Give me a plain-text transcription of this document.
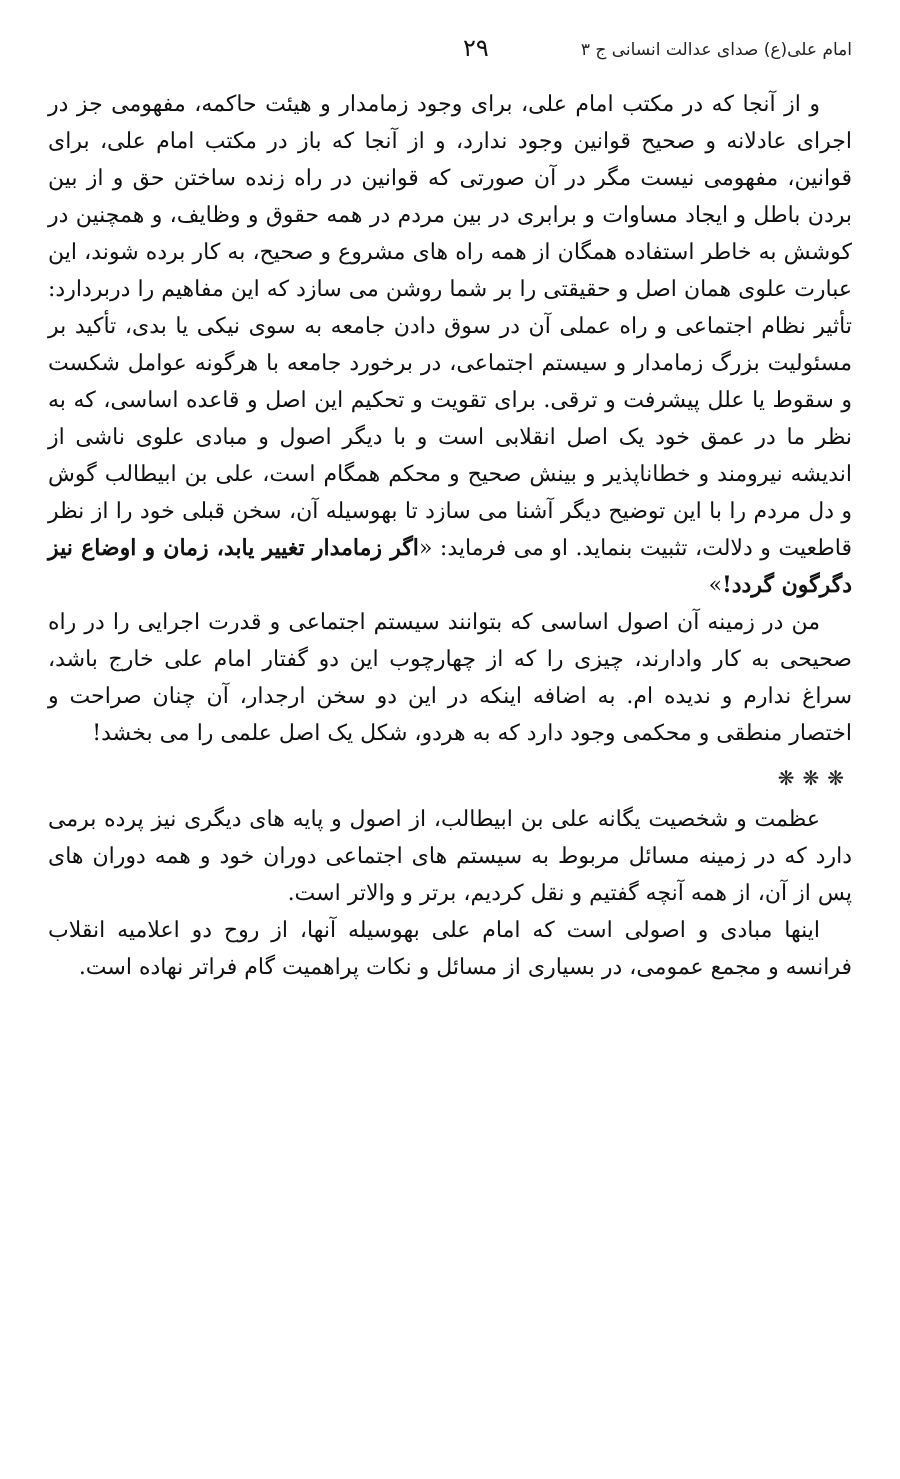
امام علی(ع) صدای عدالت انسانی ج ۳
۲۹

و از آنجا که در مکتب امام علی، برای وجود زمامدار و هیئت حاکمه، مفهومی جز در اجرای عادلانه و صحیح قوانین وجود ندارد، و از آنجا که باز در مکتب امام علی، برای قوانین، مفهومی نیست مگر در آن صورتی که قوانین در راه زنده ساختن حق و از بین بردن باطل و ایجاد مساوات و برابری در بین مردم در همه حقوق و وظایف، و همچنین در کوشش به خاطر استفاده همگان از همه راه های مشروع و صحیح، به کار برده شوند، این عبارت علوی همان اصل و حقیقتی را بر شما روشن می سازد که این مفاهیم را دربردارد: تأثیر نظام اجتماعی و راه عملی آن در سوق دادن جامعه به سوی نیکی یا بدی، تأکید بر مسئولیت بزرگ زمامدار و سیستم اجتماعی، در برخورد جامعه با هرگونه عوامل شکست و سقوط یا علل پیشرفت و ترقی. برای تقویت و تحکیم این اصل و قاعده اساسی، که به نظر ما در عمق خود یک اصل انقلابی است و با دیگر اصول و مبادی علوی ناشی از اندیشه نیرومند و خطاناپذیر و بینش صحیح و محکم همگام است، علی بن ابیطالب گوش و دل مردم را با این توضیح دیگر آشنا می سازد تا بهوسیله آن، سخن قبلی خود را از نظر قاطعیت و دلالت، تثبیت بنماید. او می فرماید: «اگر زمامدار تغییر یابد، زمان و اوضاع نیز دگرگون گردد!»

من در زمینه آن اصول اساسی که بتوانند سیستم اجتماعی و قدرت اجرایی را در راه صحیحی به کار وادارند، چیزی را که از چهارچوب این دو گفتار امام علی خارج باشد، سراغ ندارم و ندیده ام. به اضافه اینکه در این دو سخن ارجدار، آن چنان صراحت و اختصار منطقی و محکمی وجود دارد که به هردو، شکل یک اصل علمی را می بخشد!

❋❋❋

عظمت و شخصیت یگانه علی بن ابیطالب، از اصول و پایه های دیگری نیز پرده برمی دارد که در زمینه مسائل مربوط به سیستم های اجتماعی دوران خود و همه دوران های پس از آن، از همه آنچه گفتیم و نقل کردیم، برتر و والاتر است.

اینها مبادی و اصولی است که امام علی بهوسیله آنها، از روح دو اعلامیه انقلاب فرانسه و مجمع عمومی، در بسیاری از مسائل و نکات پراهمیت گام فراتر نهاده است.
